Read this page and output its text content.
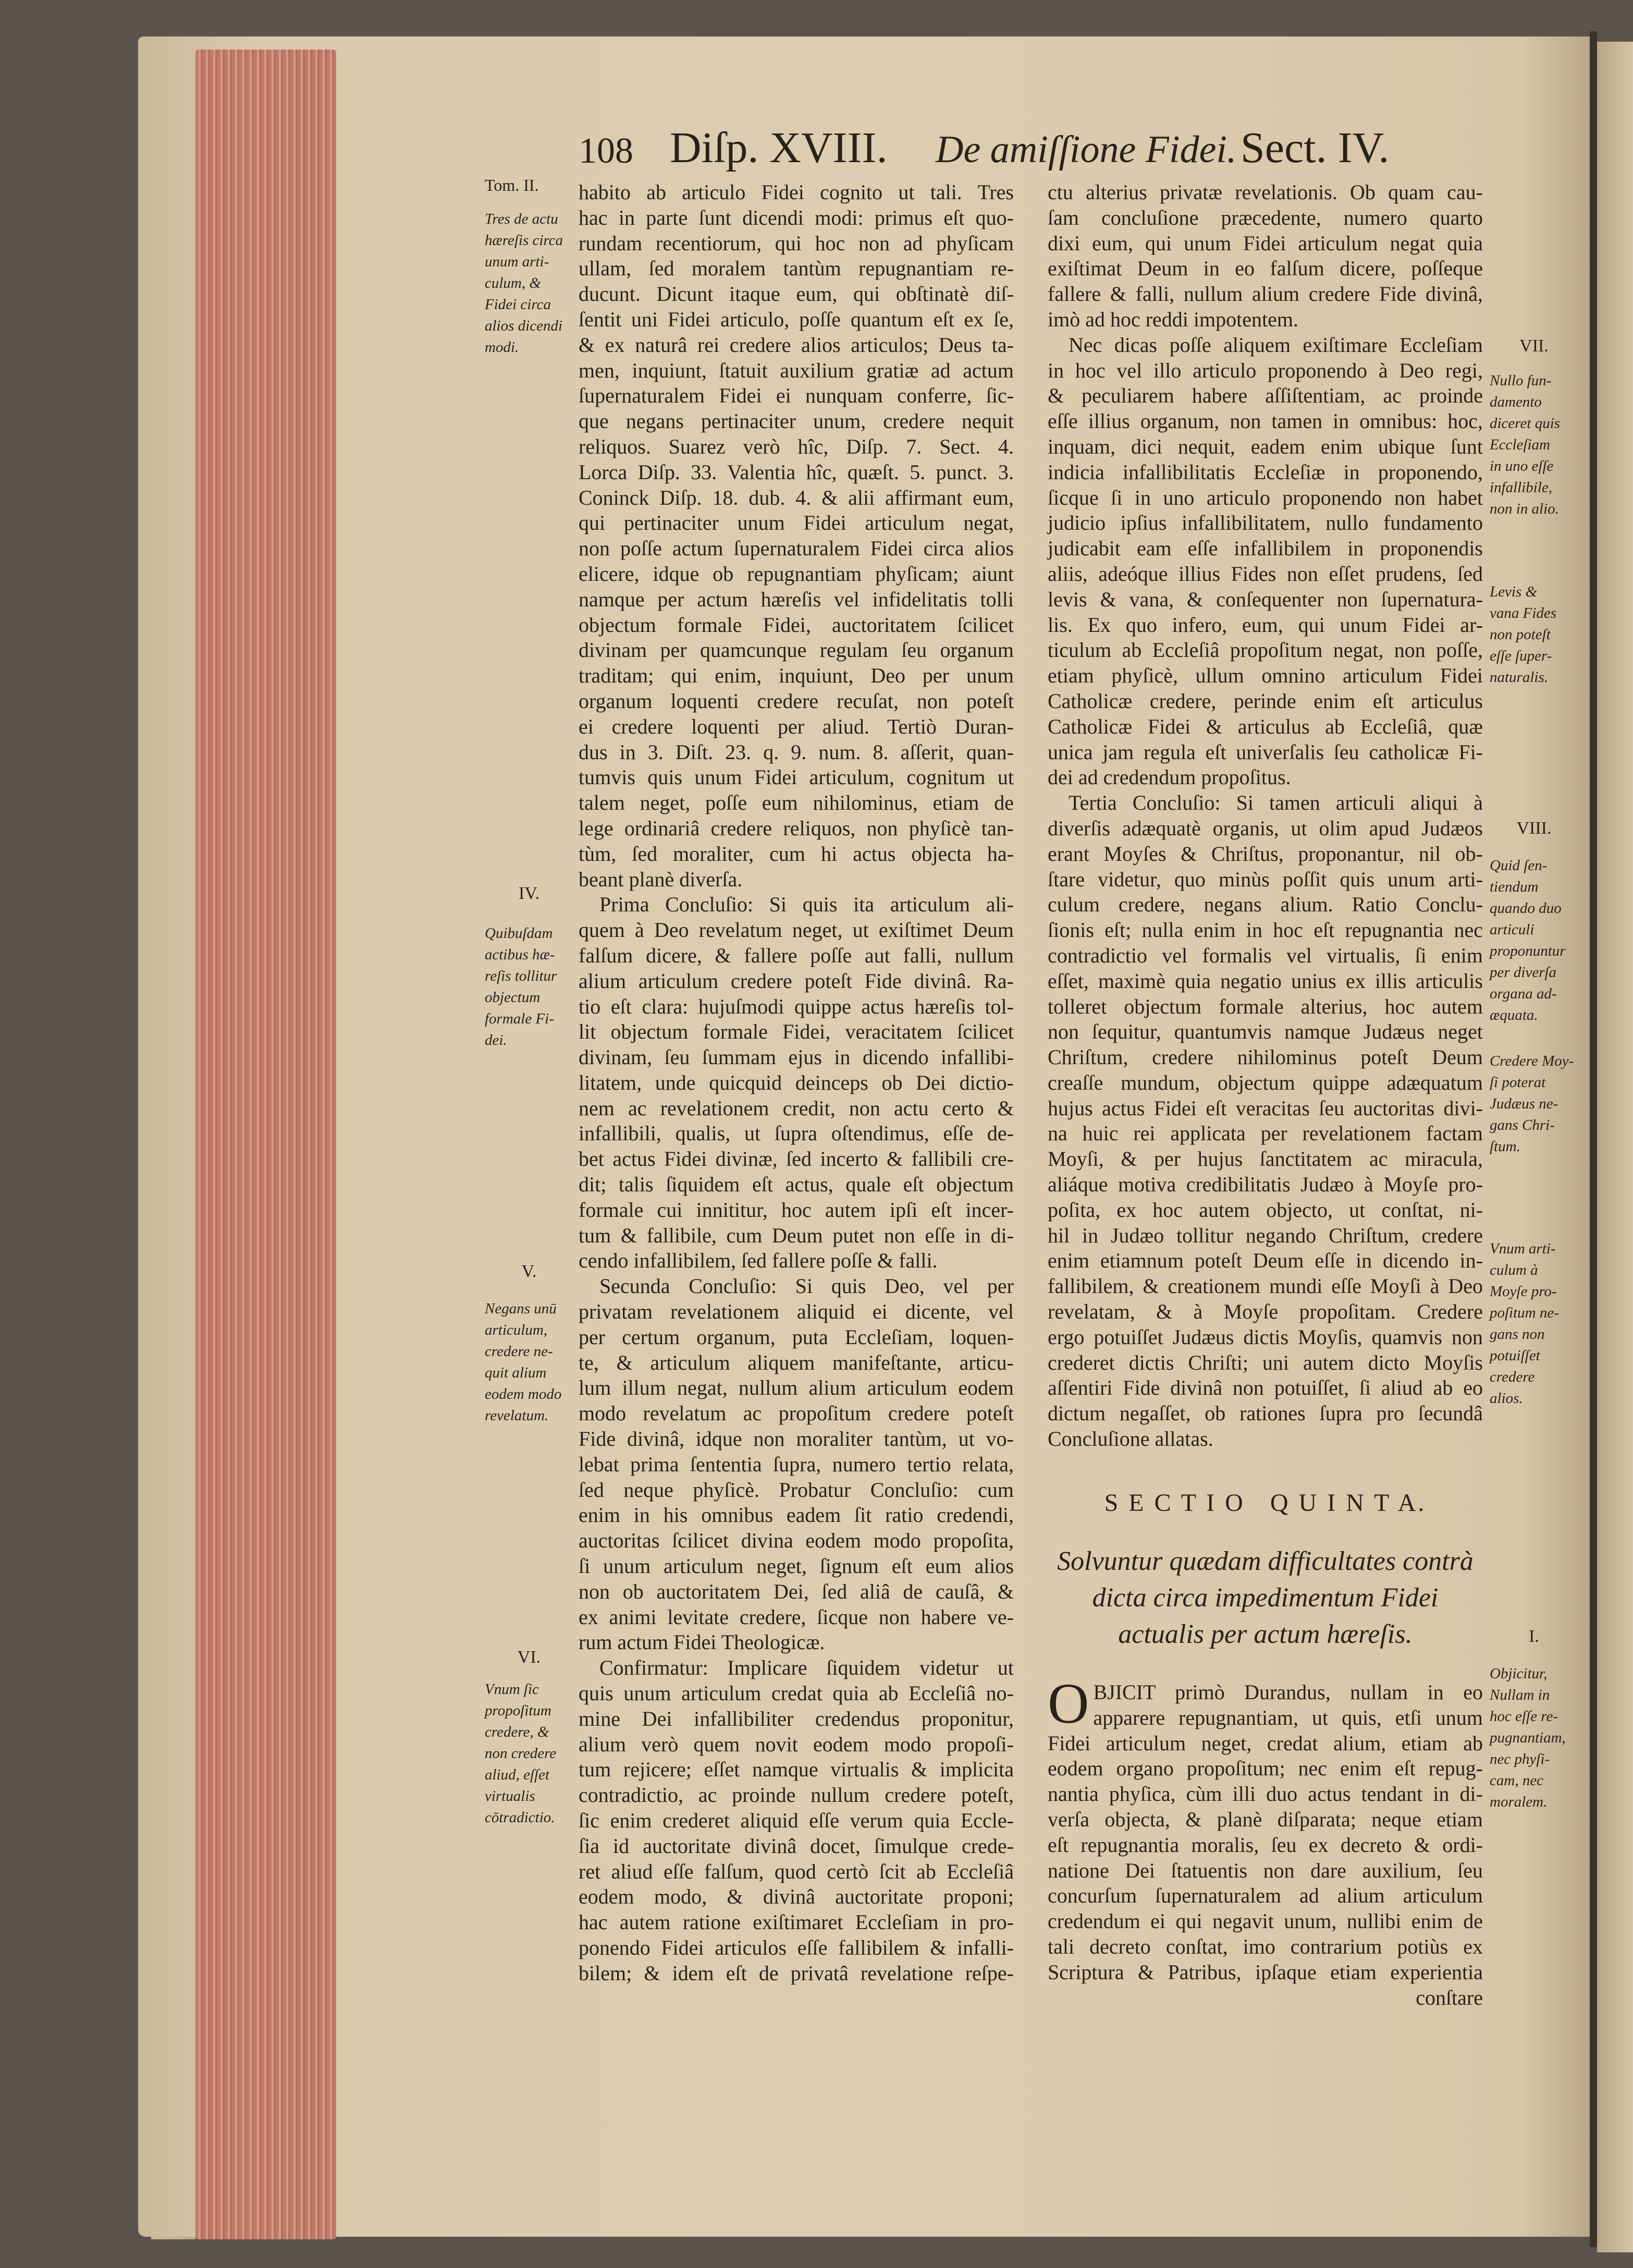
108 Diſp. XVIII. De amiſſione Fidei. Sect. IV.
habito ab articulo Fidei cognito ut tali. Tres
hac in parte ſunt dicendi modi: primus eſt quo-
rundam recentiorum, qui hoc non ad phyſicam
ullam, ſed moralem tantùm repugnantiam re-
ducunt. Dicunt itaque eum, qui obſtinatè diſ-
ſentit uni Fidei articulo, poſſe quantum eſt ex ſe,
& ex naturâ rei credere alios articulos; Deus ta-
men, inquiunt, ſtatuit auxilium gratiæ ad actum
ſupernaturalem Fidei ei nunquam conferre, ſic-
que negans pertinaciter unum, credere nequit
reliquos. Suarez verò hîc, Diſp. 7. Sect. 4.
Lorca Diſp. 33. Valentia hîc, quæſt. 5. punct. 3.
Coninck Diſp. 18. dub. 4. & alii affirmant eum,
qui pertinaciter unum Fidei articulum negat,
non poſſe actum ſupernaturalem Fidei circa alios
elicere, idque ob repugnantiam phyſicam; aiunt
namque per actum hæreſis vel infidelitatis tolli
objectum formale Fidei, auctoritatem ſcilicet
divinam per quamcunque regulam ſeu organum
traditam; qui enim, inquiunt, Deo per unum
organum loquenti credere recuſat, non poteſt
ei credere loquenti per aliud. Tertiò Duran-
dus in 3. Diſt. 23. q. 9. num. 8. aſſerit, quan-
tumvis quis unum Fidei articulum, cognitum ut
talem neget, poſſe eum nihilominus, etiam de
lege ordinariâ credere reliquos, non phyſicè tan-
tùm, ſed moraliter, cum hi actus objecta ha-
beant planè diverſa.
Prima Concluſio: Si quis ita articulum ali-
quem à Deo revelatum neget, ut exiſtimet Deum
falſum dicere, & fallere poſſe aut falli, nullum
alium articulum credere poteſt Fide divinâ. Ra-
tio eſt clara: hujuſmodi quippe actus hæreſis tol-
lit objectum formale Fidei, veracitatem ſcilicet
divinam, ſeu ſummam ejus in dicendo infallibi-
litatem, unde quicquid deinceps ob Dei dictio-
nem ac revelationem credit, non actu certo &
infallibili, qualis, ut ſupra oſtendimus, eſſe de-
bet actus Fidei divinæ, ſed incerto & fallibili cre-
dit; talis ſiquidem eſt actus, quale eſt objectum
formale cui innititur, hoc autem ipſi eſt incer-
tum & fallibile, cum Deum putet non eſſe in di-
cendo infallibilem, ſed fallere poſſe & falli.
Secunda Concluſio: Si quis Deo, vel per
privatam revelationem aliquid ei dicente, vel
per certum organum, puta Eccleſiam, loquen-
te, & articulum aliquem manifeſtante, articu-
lum illum negat, nullum alium articulum eodem
modo revelatum ac propoſitum credere poteſt
Fide divinâ, idque non moraliter tantùm, ut vo-
lebat prima ſententia ſupra, numero tertio relata,
ſed neque phyſicè. Probatur Concluſio: cum
enim in his omnibus eadem ſit ratio credendi,
auctoritas ſcilicet divina eodem modo propoſita,
ſi unum articulum neget, ſignum eſt eum alios
non ob auctoritatem Dei, ſed aliâ de cauſâ, &
ex animi levitate credere, ſicque non habere ve-
rum actum Fidei Theologicæ.
Confirmatur: Implicare ſiquidem videtur ut
quis unum articulum credat quia ab Eccleſiâ no-
mine Dei infallibiliter credendus proponitur,
alium verò quem novit eodem modo propoſi-
tum rejicere; eſſet namque virtualis & implicita
contradictio, ac proinde nullum credere poteſt,
ſic enim crederet aliquid eſſe verum quia Eccle-
ſia id auctoritate divinâ docet, ſimulque crede-
ret aliud eſſe falſum, quod certò ſcit ab Eccleſiâ
eodem modo, & divinâ auctoritate proponi;
hac autem ratione exiſtimaret Eccleſiam in pro-
ponendo Fidei articulos eſſe fallibilem & infalli-
bilem; & idem eſt de privatâ revelatione reſpe-
ctu alterius privatæ revelationis. Ob quam cau-
ſam concluſione præcedente, numero quarto
dixi eum, qui unum Fidei articulum negat quia
exiſtimat Deum in eo falſum dicere, poſſeque
fallere & falli, nullum alium credere Fide divinâ,
imò ad hoc reddi impotentem.
Nec dicas poſſe aliquem exiſtimare Eccleſiam
in hoc vel illo articulo proponendo à Deo regi,
& peculiarem habere aſſiſtentiam, ac proinde
eſſe illius organum, non tamen in omnibus: hoc,
inquam, dici nequit, eadem enim ubique ſunt
indicia infallibilitatis Eccleſiæ in proponendo,
ſicque ſi in uno articulo proponendo non habet
judicio ipſius infallibilitatem, nullo fundamento
judicabit eam eſſe infallibilem in proponendis
aliis, adeóque illius Fides non eſſet prudens, ſed
levis & vana, & conſequenter non ſupernatura-
lis. Ex quo infero, eum, qui unum Fidei ar-
ticulum ab Eccleſiâ propoſitum negat, non poſſe,
etiam phyſicè, ullum omnino articulum Fidei
Catholicæ credere, perinde enim eſt articulus
Catholicæ Fidei & articulus ab Eccleſiâ, quæ
unica jam regula eſt univerſalis ſeu catholicæ Fi-
dei ad credendum propoſitus.
Tertia Concluſio: Si tamen articuli aliqui à
diverſis adæquatè organis, ut olim apud Judæos
erant Moyſes & Chriſtus, proponantur, nil ob-
ſtare videtur, quo minùs poſſit quis unum arti-
culum credere, negans alium. Ratio Conclu-
ſionis eſt; nulla enim in hoc eſt repugnantia nec
contradictio vel formalis vel virtualis, ſi enim
eſſet, maximè quia negatio unius ex illis articulis
tolleret objectum formale alterius, hoc autem
non ſequitur, quantumvis namque Judæus neget
Chriſtum, credere nihilominus poteſt Deum
creaſſe mundum, objectum quippe adæquatum
hujus actus Fidei eſt veracitas ſeu auctoritas divi-
na huic rei applicata per revelationem factam
Moyſi, & per hujus ſanctitatem ac miracula,
aliáque motiva credibilitatis Judæo à Moyſe pro-
poſita, ex hoc autem objecto, ut conſtat, ni-
hil in Judæo tollitur negando Chriſtum, credere
enim etiamnum poteſt Deum eſſe in dicendo in-
fallibilem, & creationem mundi eſſe Moyſi à Deo
revelatam, & à Moyſe propoſitam. Credere
ergo potuiſſet Judæus dictis Moyſis, quamvis non
crederet dictis Chriſti; uni autem dicto Moyſis
aſſentiri Fide divinâ non potuiſſet, ſi aliud ab eo
dictum negaſſet, ob rationes ſupra pro ſecundâ
Concluſione allatas.
S E C T I O   Q U I N T A.
Solvuntur quædam difficultates contrà
dicta circa impedimentum Fidei
actualis per actum hæreſis.
O BJICIT primò Durandus, nullam in eo
apparere repugnantiam, ut quis, etſi unum
Fidei articulum neget, credat alium, etiam ab
eodem organo propoſitum; nec enim eſt repug-
nantia phyſica, cùm illi duo actus tendant in di-
verſa objecta, & planè diſparata; neque etiam
eſt repugnantia moralis, ſeu ex decreto & ordi-
natione Dei ſtatuentis non dare auxilium, ſeu
concurſum ſupernaturalem ad alium articulum
credendum ei qui negavit unum, nullibi enim de
tali decreto conſtat, imo contrarium potiùs ex
Scriptura & Patribus, ipſaque etiam experientia
conſtare
Tom. II.
Tres de actu
hæreſis circa
unum arti-
culum, &
Fidei circa
alios dicendi
modi.
IV.
Quibuſdam
actibus hæ-
reſis tollitur
objectum
formale Fi-
dei.
V.
Negans unū
articulum,
credere ne-
quit alium
eodem modo
revelatum.
VI.
Vnum ſic
propoſitum
credere, &
non credere
aliud, eſſet
virtualis
cōtradictio.
VII.
Nullo fun-
damento
diceret quis
Eccleſiam
in uno eſſe
infallibile,
non in alio.
Levis &
vana Fides
non poteſt
eſſe ſuper-
naturalis.
VIII.
Quid ſen-
tiendum
quando duo
articuli
proponuntur
per diverſa
organa ad-
æquata.
Credere Moy-
ſi poterat
Judæus ne-
gans Chri-
ſtum.
Vnum arti-
culum à
Moyſe pro-
poſitum ne-
gans non
potuiſſet
credere
alios.
I.
Objicitur,
Nullam in
hoc eſſe re-
pugnantiam,
nec phyſi-
cam, nec
moralem.
